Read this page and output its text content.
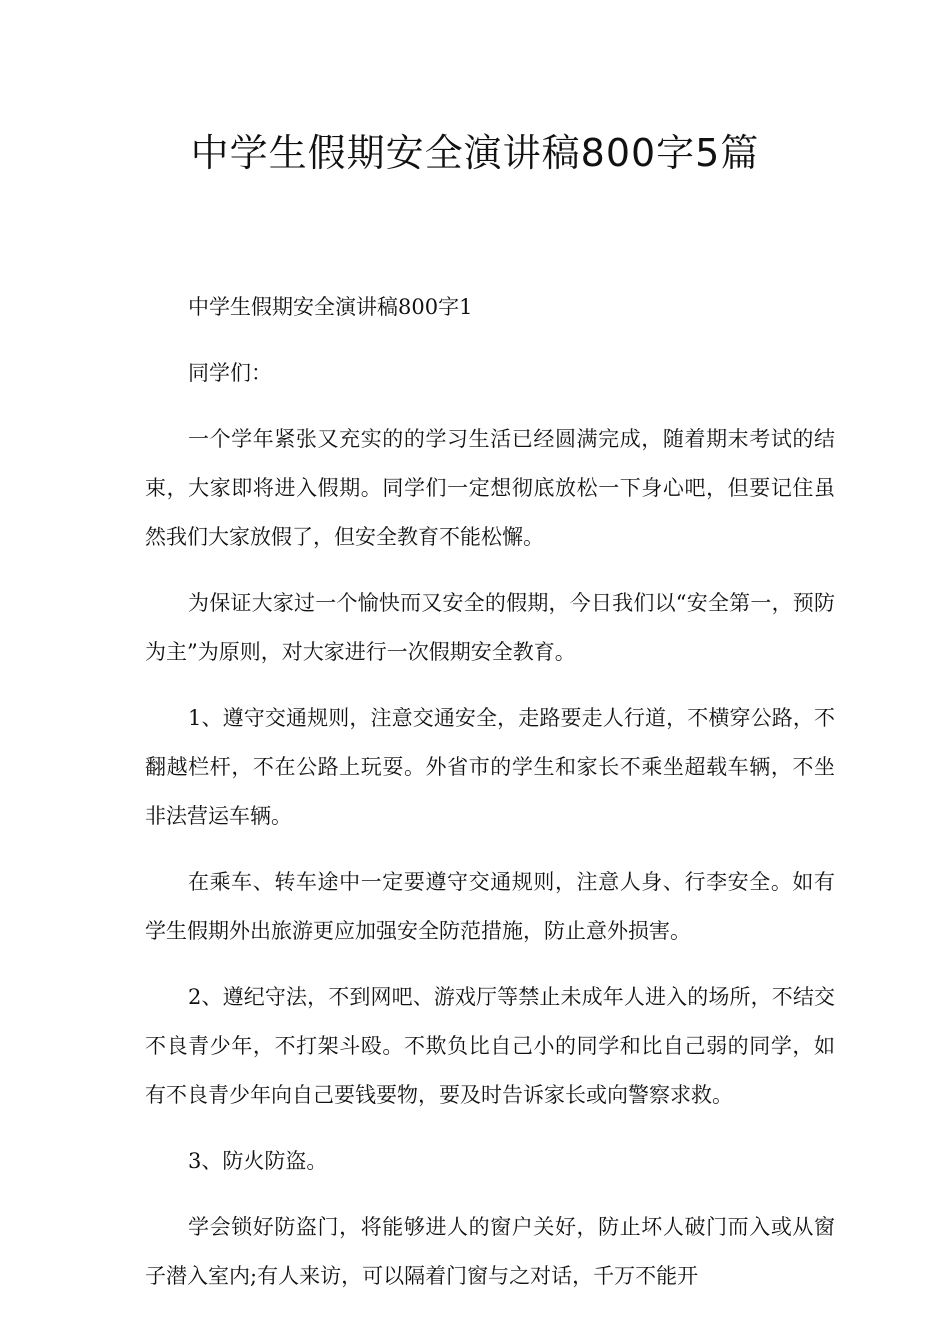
中学生假期安全演讲稿800字5篇

中学生假期安全演讲稿800字1

同学们：

一个学年紧张又充实的的学习生活已经圆满完成，随着期末考试的结束，大家即将进入假期。同学们一定想彻底放松一下身心吧，但要记住虽然我们大家放假了，但安全教育不能松懈。

为保证大家过一个愉快而又安全的假期，今日我们以“安全第一，预防为主”为原则，对大家进行一次假期安全教育。

1、遵守交通规则，注意交通安全，走路要走人行道，不横穿公路，不翻越栏杆，不在公路上玩耍。外省市的学生和家长不乘坐超载车辆，不坐非法营运车辆。

在乘车、转车途中一定要遵守交通规则，注意人身、行李安全。如有学生假期外出旅游更应加强安全防范措施，防止意外损害。

2、遵纪守法，不到网吧、游戏厅等禁止未成年人进入的场所，不结交不良青少年，不打架斗殴。不欺负比自己小的同学和比自己弱的同学，如有不良青少年向自己要钱要物，要及时告诉家长或向警察求救。

3、防火防盗。

学会锁好防盗门，将能够进人的窗户关好，防止坏人破门而入或从窗子潜入室内;有人来访，可以隔着门窗与之对话，千万不能开
